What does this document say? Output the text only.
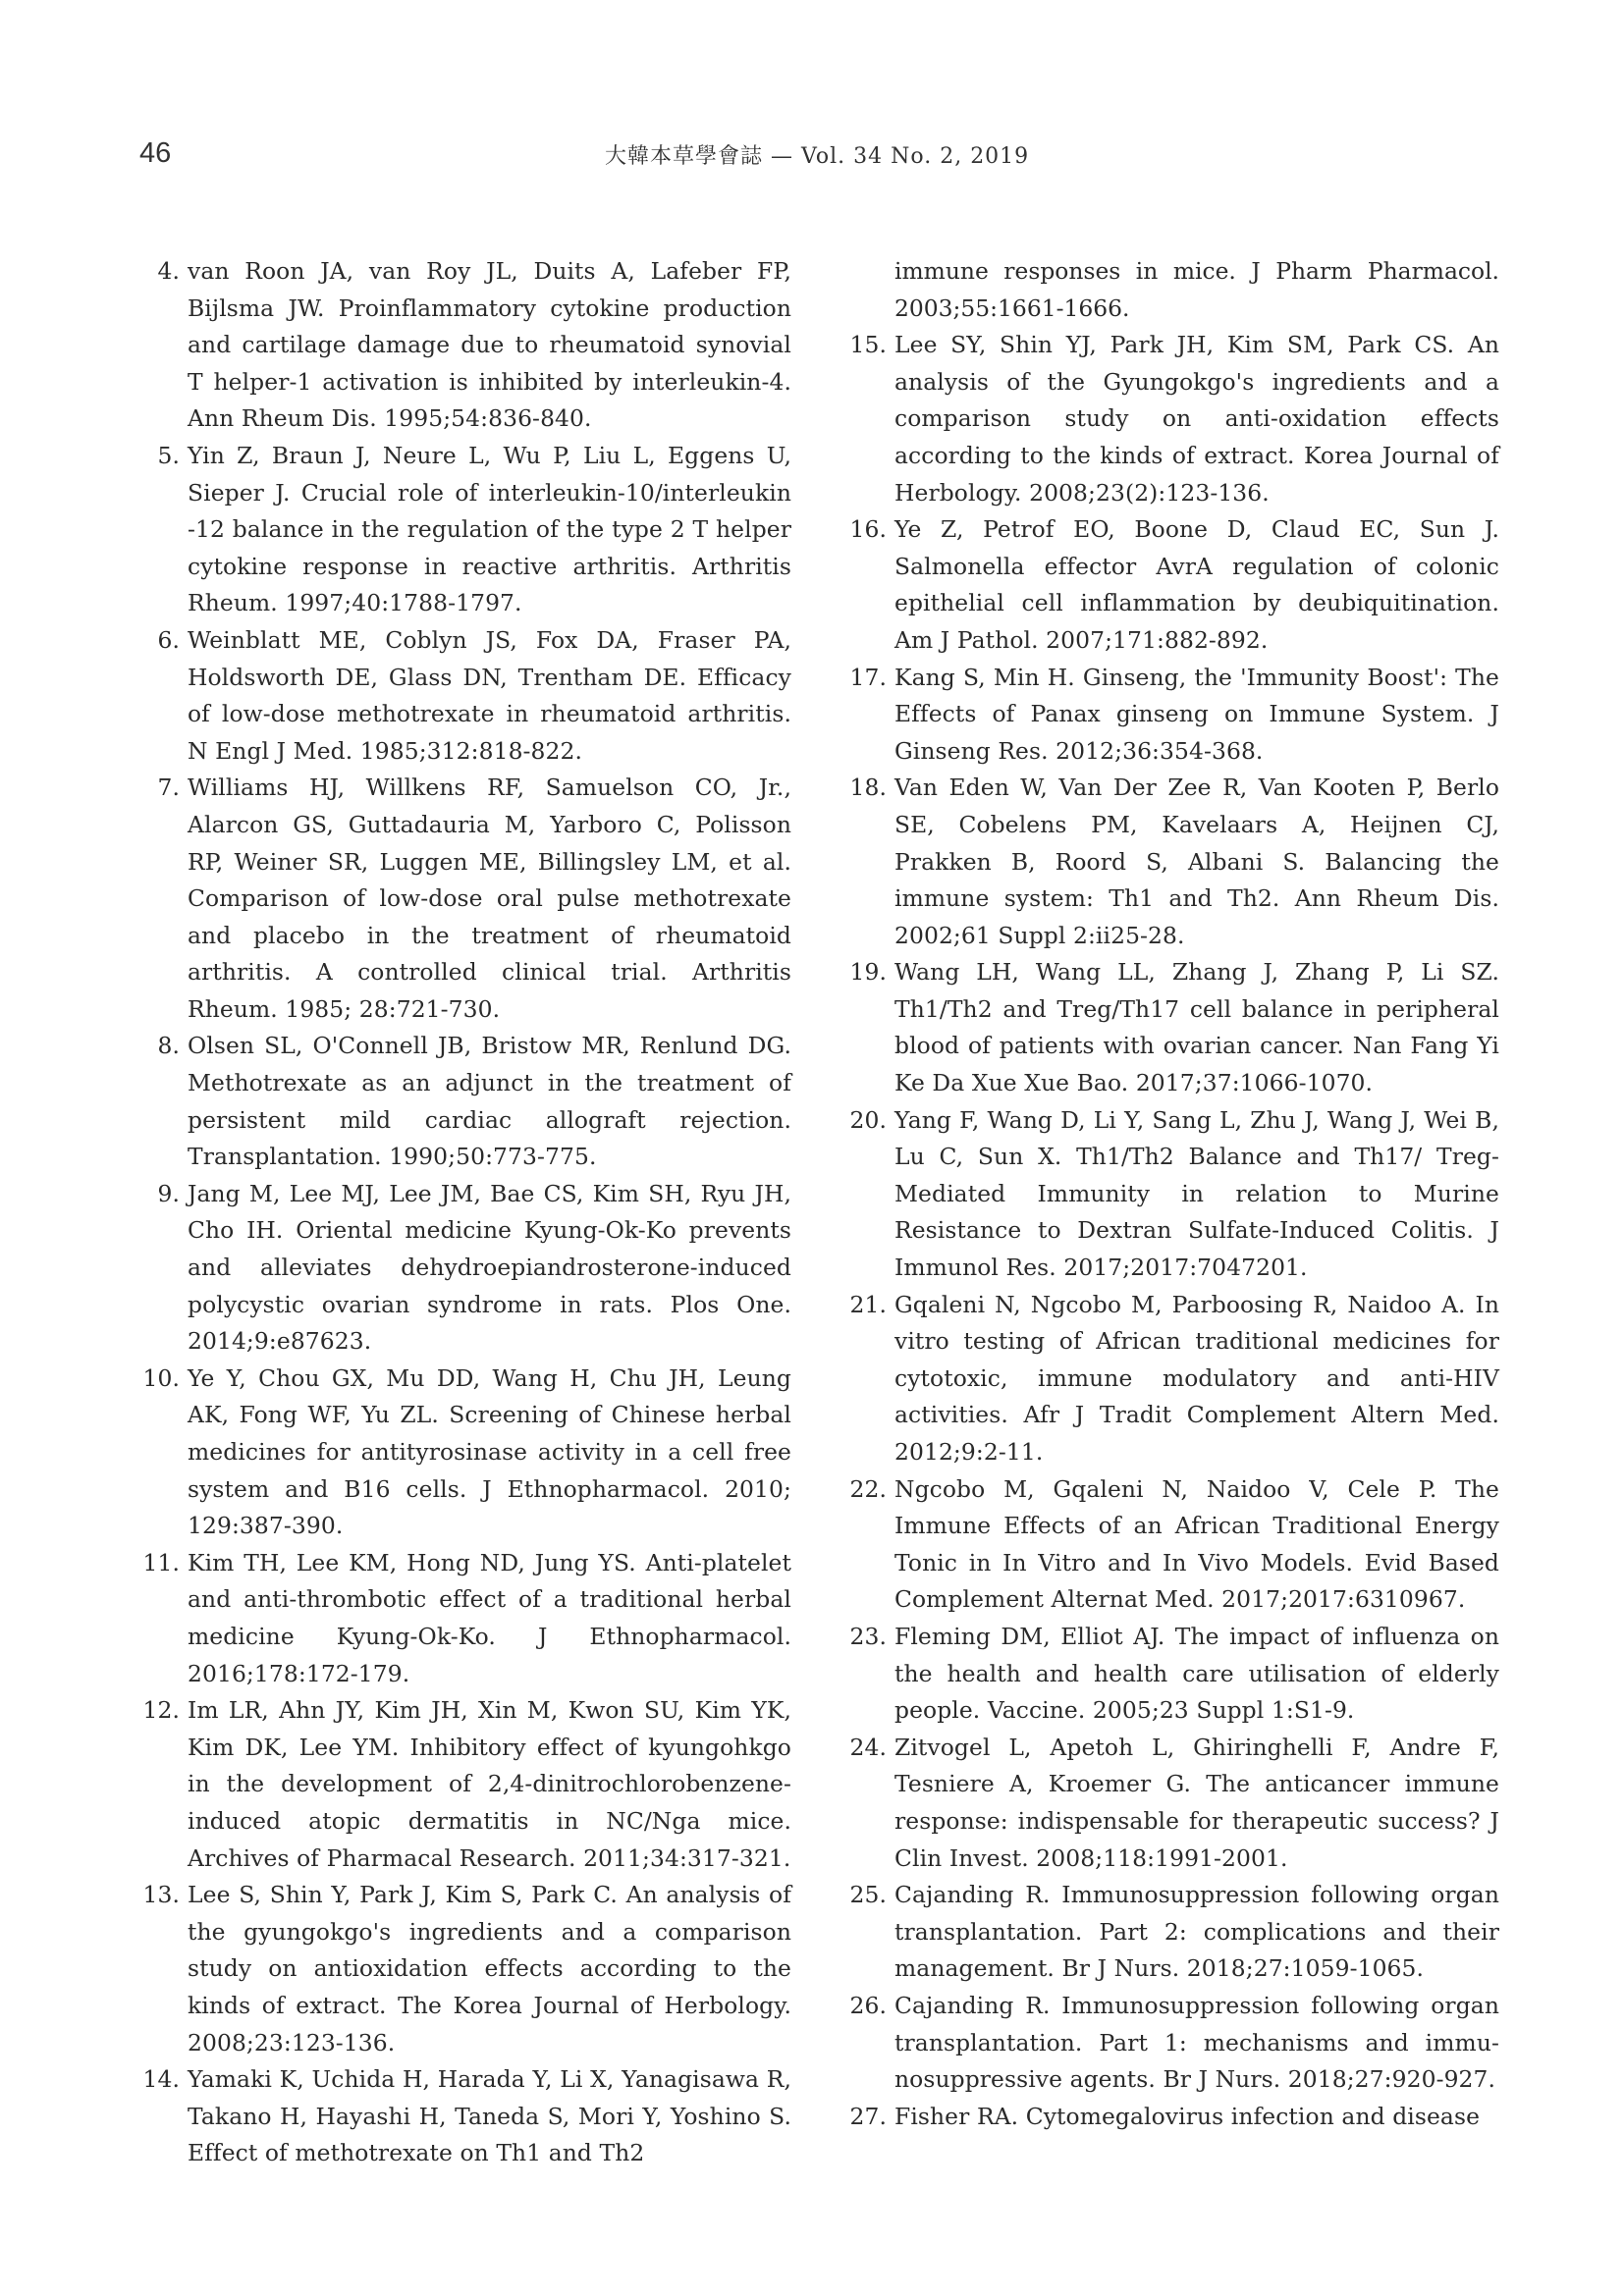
46	大韓本草學會誌 — Vol. 34 No. 2, 2019
4. van Roon JA, van Roy JL, Duits A, Lafeber FP, Bijlsma JW. Proinflammatory cytokine production and cartilage damage due to rheumatoid synovial T helper-1 activation is inhibited by interleukin-4. Ann Rheum Dis. 1995;54:836-840.
5. Yin Z, Braun J, Neure L, Wu P, Liu L, Eggens U, Sieper J. Crucial role of interleukin-10/interleukin -12 balance in the regulation of the type 2 T helper cytokine response in reactive arthritis. Arthritis Rheum. 1997;40:1788-1797.
6. Weinblatt ME, Coblyn JS, Fox DA, Fraser PA, Holdsworth DE, Glass DN, Trentham DE. Efficacy of low-dose methotrexate in rheumatoid arthritis. N Engl J Med. 1985;312:818-822.
7. Williams HJ, Willkens RF, Samuelson CO, Jr., Alarcon GS, Guttadauria M, Yarboro C, Polisson RP, Weiner SR, Luggen ME, Billingsley LM, et al. Comparison of low-dose oral pulse methotrexate and placebo in the treatment of rheumatoid arthritis. A controlled clinical trial. Arthritis Rheum. 1985; 28:721-730.
8. Olsen SL, O'Connell JB, Bristow MR, Renlund DG. Methotrexate as an adjunct in the treatment of persistent mild cardiac allograft rejection. Transplantation. 1990;50:773-775.
9. Jang M, Lee MJ, Lee JM, Bae CS, Kim SH, Ryu JH, Cho IH. Oriental medicine Kyung-Ok-Ko prevents and alleviates dehydroepiandrosterone-induced polycystic ovarian syndrome in rats. Plos One. 2014;9:e87623.
10. Ye Y, Chou GX, Mu DD, Wang H, Chu JH, Leung AK, Fong WF, Yu ZL. Screening of Chinese herbal medicines for antityrosinase activity in a cell free system and B16 cells. J Ethnopharmacol. 2010; 129:387-390.
11. Kim TH, Lee KM, Hong ND, Jung YS. Anti-platelet and anti-thrombotic effect of a traditional herbal medicine Kyung-Ok-Ko. J Ethnopharmacol. 2016;178:172-179.
12. Im LR, Ahn JY, Kim JH, Xin M, Kwon SU, Kim YK, Kim DK, Lee YM. Inhibitory effect of kyungohkgo in the development of 2,4-dinitrochlorobenzene-induced atopic dermatitis in NC/Nga mice. Archives of Pharmacal Research. 2011;34:317-321.
13. Lee S, Shin Y, Park J, Kim S, Park C. An analysis of the gyungokgo's ingredients and a comparison study on antioxidation effects according to the kinds of extract. The Korea Journal of Herbology. 2008;23:123-136.
14. Yamaki K, Uchida H, Harada Y, Li X, Yanagisawa R, Takano H, Hayashi H, Taneda S, Mori Y, Yoshino S. Effect of methotrexate on Th1 and Th2
immune responses in mice. J Pharm Pharmacol. 2003;55:1661-1666.
15. Lee SY, Shin YJ, Park JH, Kim SM, Park CS. An analysis of the Gyungokgo's ingredients and a comparison study on anti-oxidation effects according to the kinds of extract. Korea Journal of Herbology. 2008;23(2):123-136.
16. Ye Z, Petrof EO, Boone D, Claud EC, Sun J. Salmonella effector AvrA regulation of colonic epithelial cell inflammation by deubiquitination. Am J Pathol. 2007;171:882-892.
17. Kang S, Min H. Ginseng, the 'Immunity Boost': The Effects of Panax ginseng on Immune System. J Ginseng Res. 2012;36:354-368.
18. Van Eden W, Van Der Zee R, Van Kooten P, Berlo SE, Cobelens PM, Kavelaars A, Heijnen CJ, Prakken B, Roord S, Albani S. Balancing the immune system: Th1 and Th2. Ann Rheum Dis. 2002;61 Suppl 2:ii25-28.
19. Wang LH, Wang LL, Zhang J, Zhang P, Li SZ. Th1/Th2 and Treg/Th17 cell balance in peripheral blood of patients with ovarian cancer. Nan Fang Yi Ke Da Xue Xue Bao. 2017;37:1066-1070.
20. Yang F, Wang D, Li Y, Sang L, Zhu J, Wang J, Wei B, Lu C, Sun X. Th1/Th2 Balance and Th17/ Treg-Mediated Immunity in relation to Murine Resistance to Dextran Sulfate-Induced Colitis. J Immunol Res. 2017;2017:7047201.
21. Gqaleni N, Ngcobo M, Parboosing R, Naidoo A. In vitro testing of African traditional medicines for cytotoxic, immune modulatory and anti-HIV activities. Afr J Tradit Complement Altern Med. 2012;9:2-11.
22. Ngcobo M, Gqaleni N, Naidoo V, Cele P. The Immune Effects of an African Traditional Energy Tonic in In Vitro and In Vivo Models. Evid Based Complement Alternat Med. 2017;2017:6310967.
23. Fleming DM, Elliot AJ. The impact of influenza on the health and health care utilisation of elderly people. Vaccine. 2005;23 Suppl 1:S1-9.
24. Zitvogel L, Apetoh L, Ghiringhelli F, Andre F, Tesniere A, Kroemer G. The anticancer immune response: indispensable for therapeutic success? J Clin Invest. 2008;118:1991-2001.
25. Cajanding R. Immunosuppression following organ transplantation. Part 2: complications and their management. Br J Nurs. 2018;27:1059-1065.
26. Cajanding R. Immunosuppression following organ transplantation. Part 1: mechanisms and immu-nosuppressive agents. Br J Nurs. 2018;27:920-927.
27. Fisher RA. Cytomegalovirus infection and disease
